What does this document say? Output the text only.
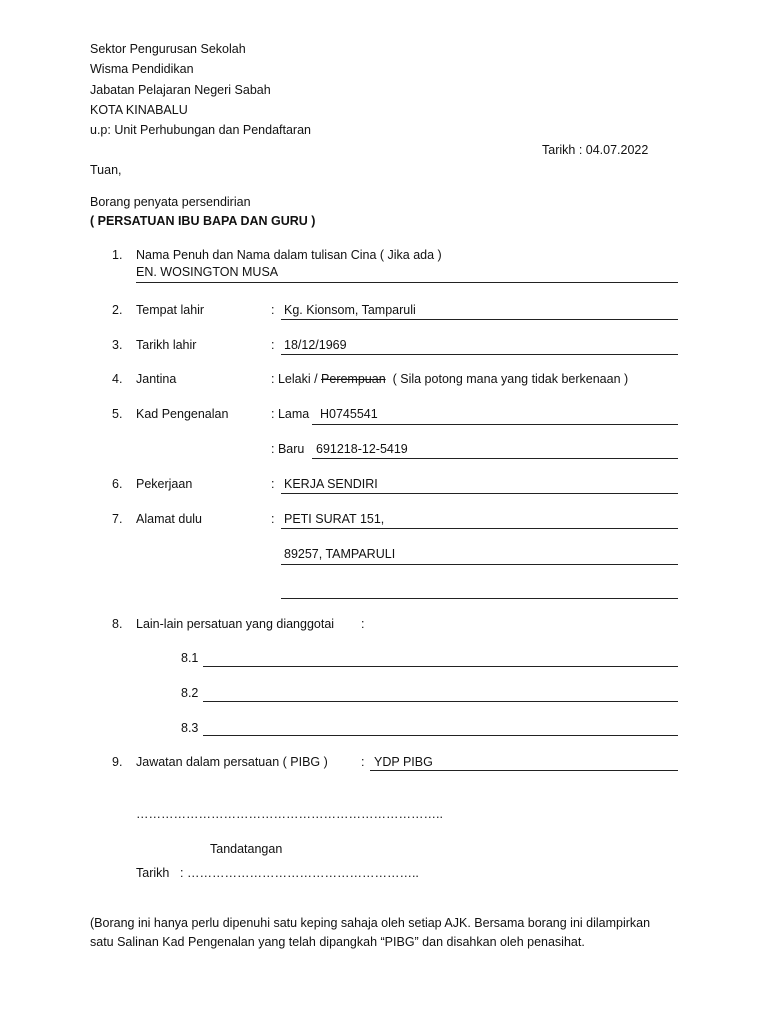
Sektor Pengurusan Sekolah
Wisma Pendidikan
Jabatan Pelajaran Negeri Sabah
KOTA KINABALU
u.p: Unit Perhubungan dan Pendaftaran
Tarikh : 04.07.2022
Tuan,
Borang penyata persendirian
( PERSATUAN IBU BAPA DAN GURU )
1. Nama Penuh dan Nama dalam tulisan Cina ( Jika ada )
EN. WOSINGTON MUSA
2. Tempat lahir	: Kg. Kionsom, Tamparuli
3. Tarikh lahir	: 18/12/1969
4. Jantina	: Lelaki / Perempuan ( Sila potong mana yang tidak berkenaan )
5. Kad Pengenalan	: Lama H0745541
: Baru 691218-12-5419
6. Pekerjaan	: KERJA SENDIRI
7. Alamat dulu	: PETI SURAT 151,
89257, TAMPARULI
8. Lain-lain persatuan yang dianggotai :
8.1
8.2
8.3
9. Jawatan dalam persatuan ( PIBG )	: YDP PIBG
………………………………………………………………..
Tandatangan
Tarikh : ………………………………………………..
(Borang ini hanya perlu dipenuhi satu keping sahaja oleh setiap AJK. Bersama borang ini dilampirkan
satu Salinan Kad Pengenalan yang telah dipangkah “PIBG” dan disahkan oleh penasihat.
